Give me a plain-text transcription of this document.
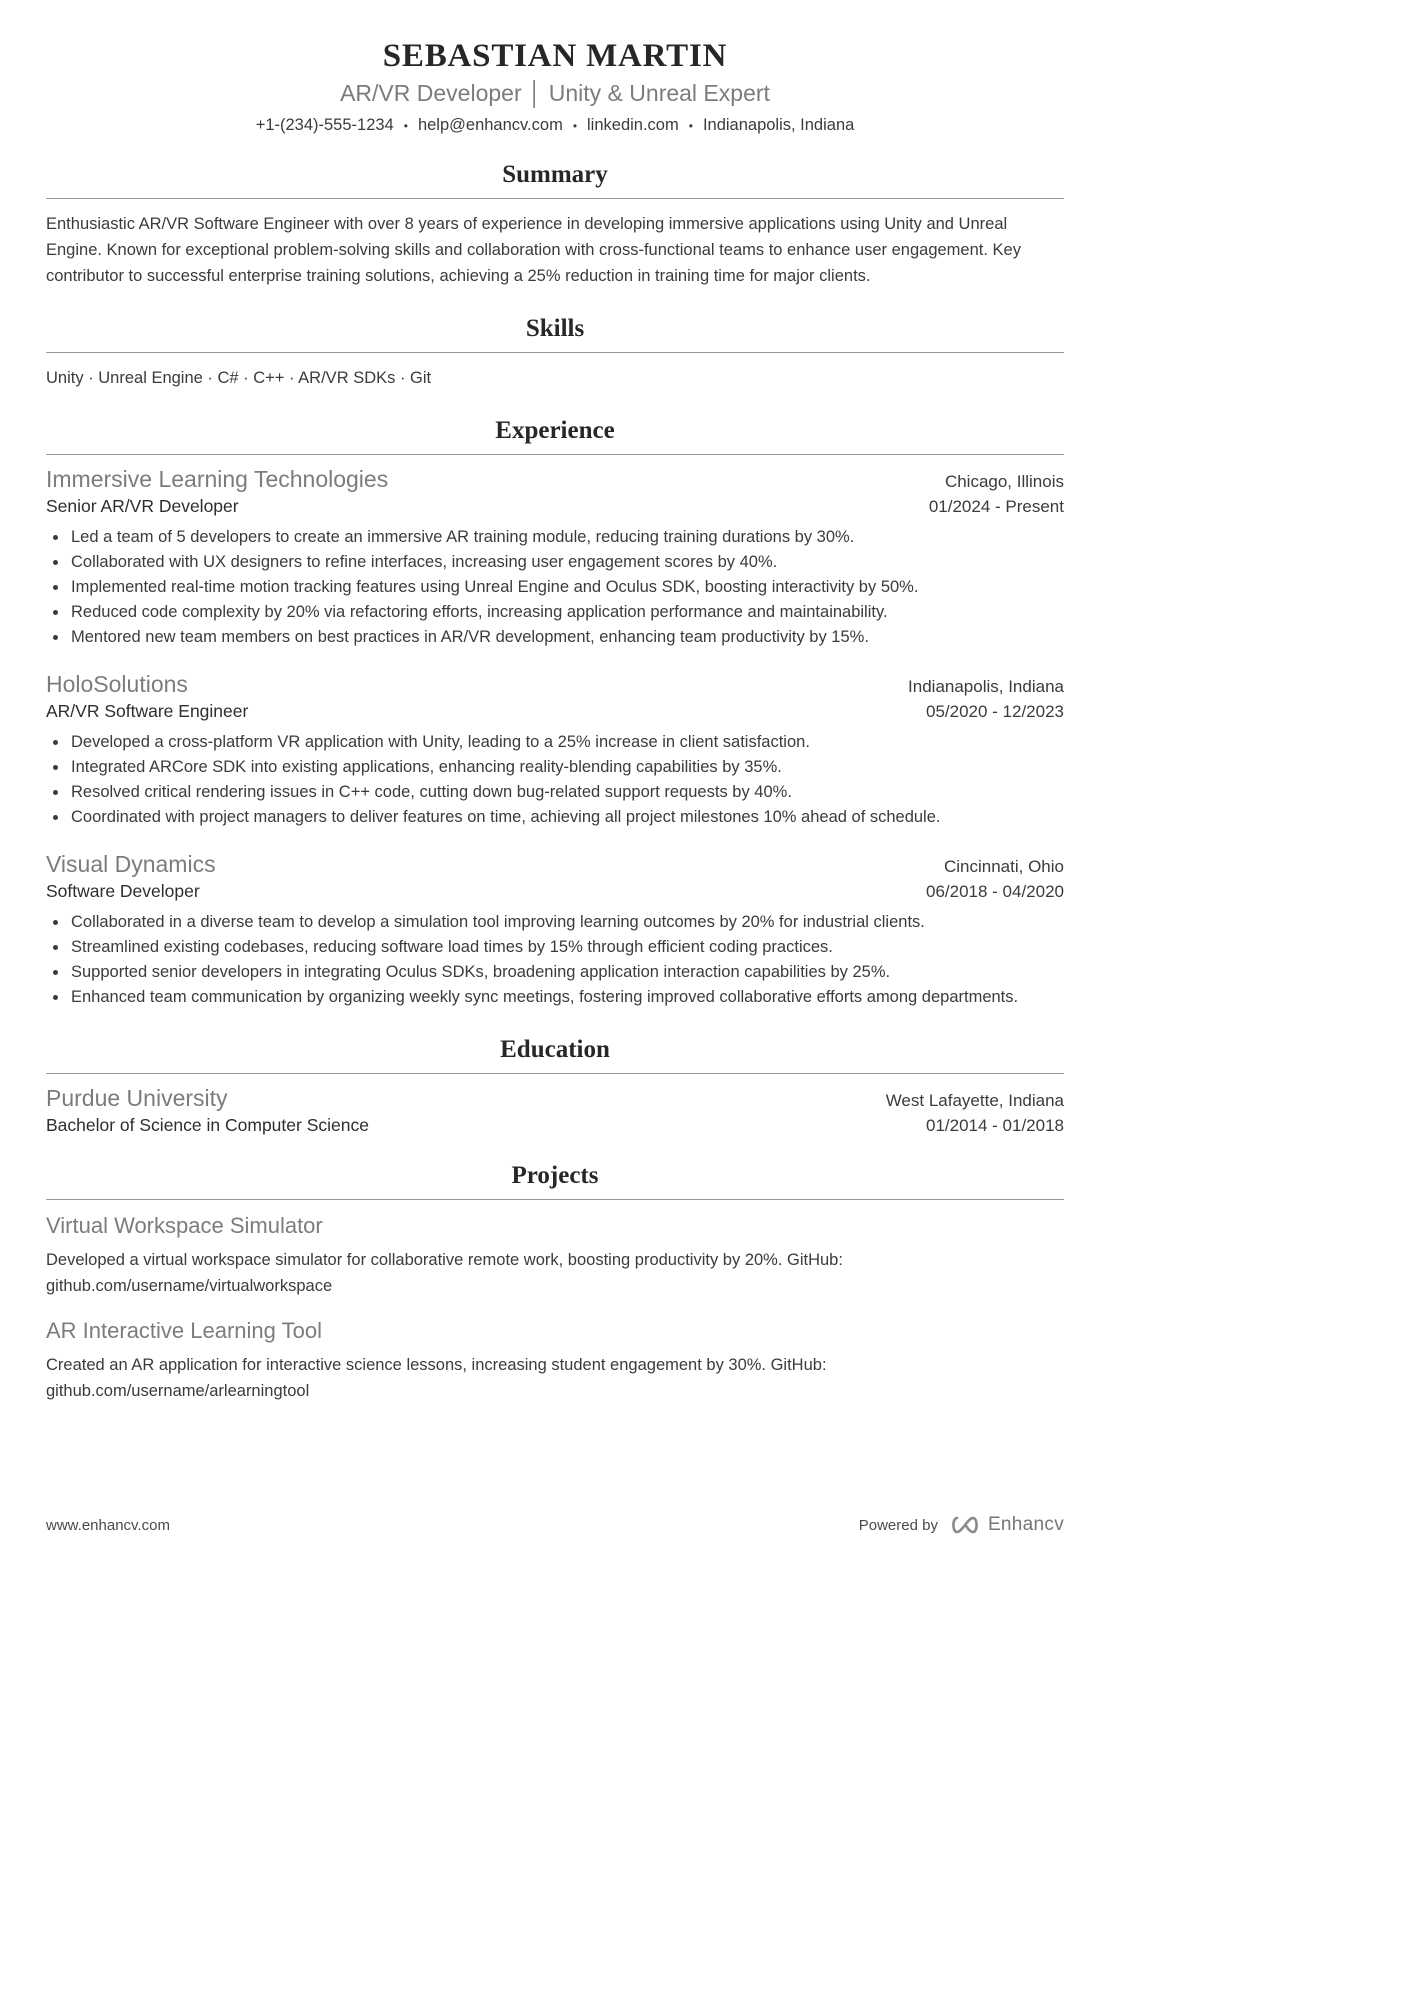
SEBASTIAN MARTIN
AR/VR Developer │ Unity & Unreal Expert
+1-(234)-555-1234 • help@enhancv.com • linkedin.com • Indianapolis, Indiana
Summary
Enthusiastic AR/VR Software Engineer with over 8 years of experience in developing immersive applications using Unity and Unreal Engine. Known for exceptional problem-solving skills and collaboration with cross-functional teams to enhance user engagement. Key contributor to successful enterprise training solutions, achieving a 25% reduction in training time for major clients.
Skills
Unity · Unreal Engine · C# · C++ · AR/VR SDKs · Git
Experience
Immersive Learning Technologies	Chicago, Illinois
Senior AR/VR Developer	01/2024 - Present
• Led a team of 5 developers to create an immersive AR training module, reducing training durations by 30%.
• Collaborated with UX designers to refine interfaces, increasing user engagement scores by 40%.
• Implemented real-time motion tracking features using Unreal Engine and Oculus SDK, boosting interactivity by 50%.
• Reduced code complexity by 20% via refactoring efforts, increasing application performance and maintainability.
• Mentored new team members on best practices in AR/VR development, enhancing team productivity by 15%.
HoloSolutions	Indianapolis, Indiana
AR/VR Software Engineer	05/2020 - 12/2023
• Developed a cross-platform VR application with Unity, leading to a 25% increase in client satisfaction.
• Integrated ARCore SDK into existing applications, enhancing reality-blending capabilities by 35%.
• Resolved critical rendering issues in C++ code, cutting down bug-related support requests by 40%.
• Coordinated with project managers to deliver features on time, achieving all project milestones 10% ahead of schedule.
Visual Dynamics	Cincinnati, Ohio
Software Developer	06/2018 - 04/2020
• Collaborated in a diverse team to develop a simulation tool improving learning outcomes by 20% for industrial clients.
• Streamlined existing codebases, reducing software load times by 15% through efficient coding practices.
• Supported senior developers in integrating Oculus SDKs, broadening application interaction capabilities by 25%.
• Enhanced team communication by organizing weekly sync meetings, fostering improved collaborative efforts among departments.
Education
Purdue University	West Lafayette, Indiana
Bachelor of Science in Computer Science	01/2014 - 01/2018
Projects
Virtual Workspace Simulator
Developed a virtual workspace simulator for collaborative remote work, boosting productivity by 20%. GitHub: github.com/username/virtualworkspace
AR Interactive Learning Tool
Created an AR application for interactive science lessons, increasing student engagement by 30%. GitHub: github.com/username/arlearningtool
www.enhancv.com	Powered by	Enhancv
